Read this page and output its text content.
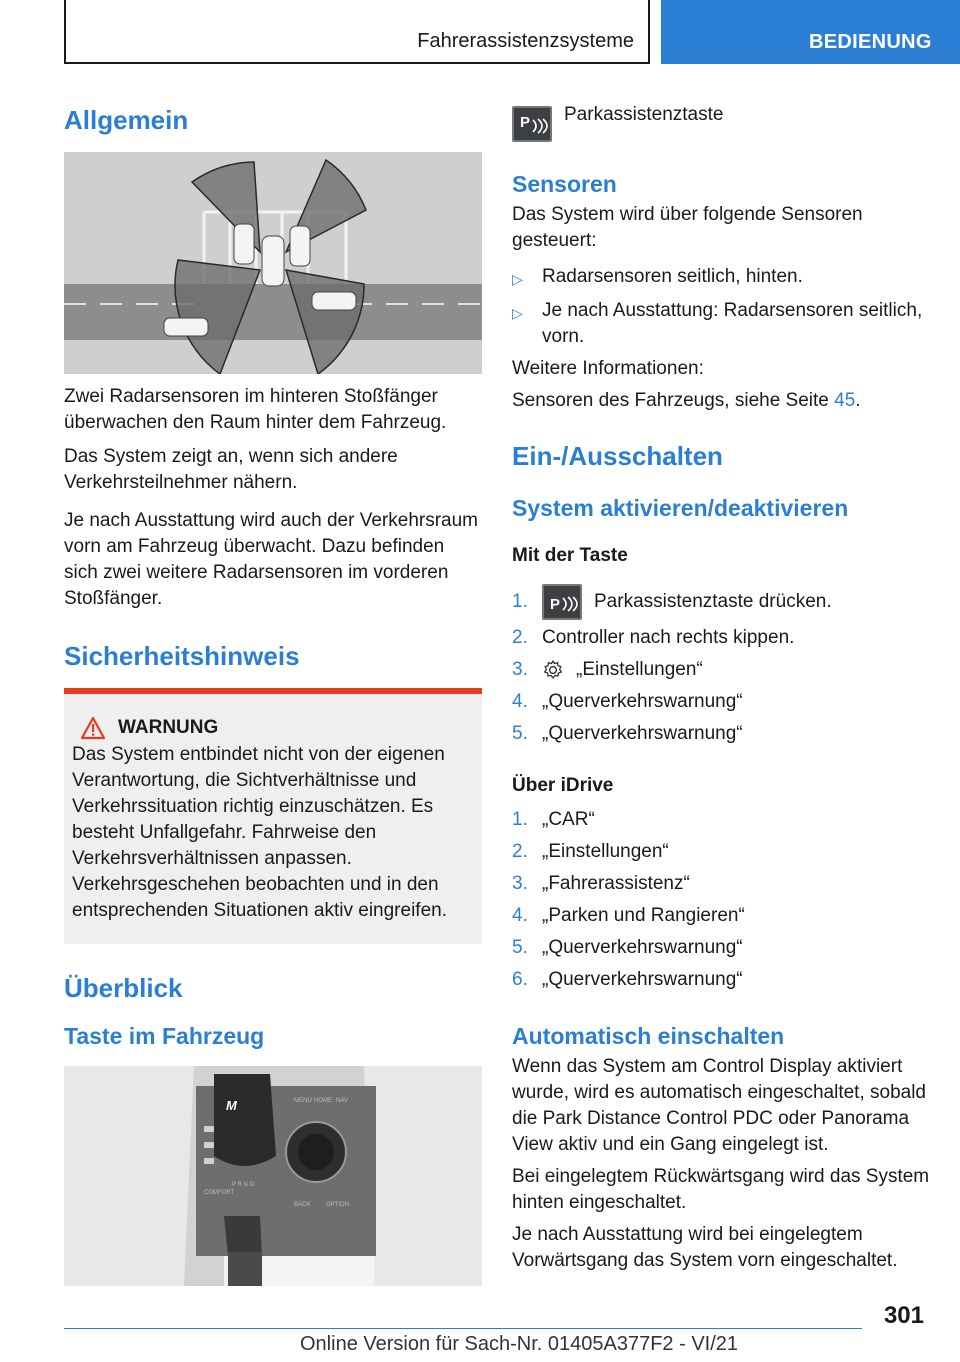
Fahrerassistenzsysteme	BEDIENUNG
Allgemein

Zwei Radarsensoren im hinteren Stoßfänger überwachen den Raum hinter dem Fahrzeug.

Das System zeigt an, wenn sich andere Verkehrsteilnehmer nähern.

Je nach Ausstattung wird auch der Verkehrsraum vorn am Fahrzeug überwacht. Dazu befinden sich zwei weitere Radarsensoren im vorderen Stoßfänger.

Sicherheitshinweis
WARNUNG

Das System entbindet nicht von der eigenen Verantwortung, die Sichtverhältnisse und Verkehrssituation richtig einzuschätzen. Es besteht Unfallgefahr. Fahrweise den Verkehrsverhältnissen anpassen. Verkehrsgeschehen beobachten und in den entsprechenden Situationen aktiv eingreifen.

Überblick
Taste im Fahrzeug
MENU HOME NAV
BACK	OPTION
COMFORT
P R N D
M
P Parkassistenztaste

Sensoren

Das System wird über folgende Sensoren gesteuert:

▷	Radarsensoren seitlich, hinten.
▷	Je nach Ausstattung: Radarsensoren seitlich, vorn.

Weitere Informationen:

Sensoren des Fahrzeugs, siehe Seite 45.

Ein-/Ausschalten
System aktivieren/deaktivieren
Mit der Taste
1.	P Parkassistenztaste drücken.
2. Controller nach rechts kippen.
3.	„Einstellungen“
4. „Querverkehrswarnung“
5. „Querverkehrswarnung“
Über iDrive
1. „CAR“
2. „Einstellungen“
3. „Fahrerassistenz“
4. „Parken und Rangieren“
5. „Querverkehrswarnung“
6. „Querverkehrswarnung“
Automatisch einschalten

Wenn das System am Control Display aktiviert wurde, wird es automatisch eingeschaltet, sobald die Park Distance Control PDC oder Panorama View aktiv und ein Gang eingelegt ist.

Bei eingelegtem Rückwärtsgang wird das System hinten eingeschaltet.

Je nach Ausstattung wird bei eingelegtem Vorwärtsgang das System vorn eingeschaltet.

301
Online Version für Sach-Nr. 01405A377F2 - VI/21
